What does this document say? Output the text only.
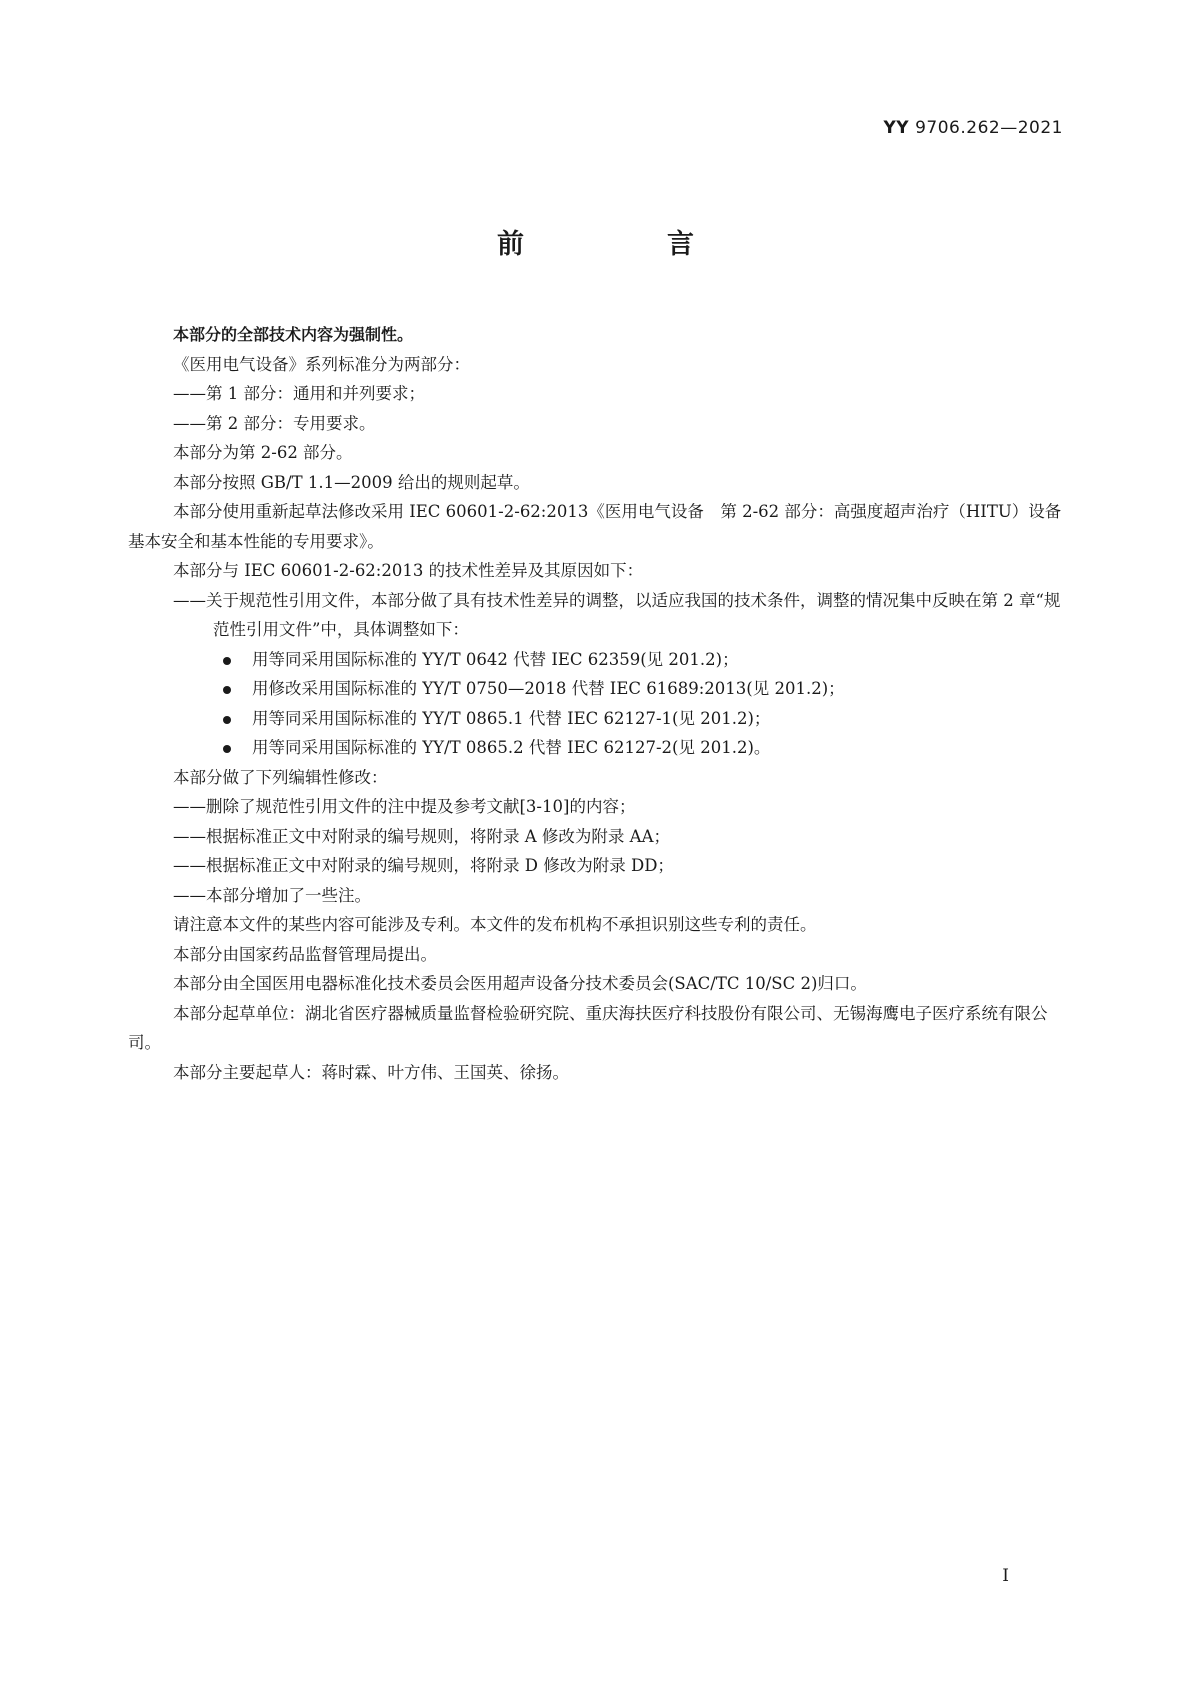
YY 9706.262—2021
前　言

本部分的全部技术内容为强制性。

《医用电气设备》系列标准分为两部分：

——第 1 部分：通用和并列要求；

——第 2 部分：专用要求。

本部分为第 2-62 部分。

本部分按照 GB/T 1.1—2009 给出的规则起草。

本部分使用重新起草法修改采用 IEC 60601-2-62:2013《医用电气设备　第 2-62 部分：高强度超声治疗（HITU）设备基本安全和基本性能的专用要求》。

本部分与 IEC 60601-2-62:2013 的技术性差异及其原因如下：

——关于规范性引用文件，本部分做了具有技术性差异的调整，以适应我国的技术条件，调整的情况集中反映在第 2 章“规范性引用文件”中，具体调整如下：

用等同采用国际标准的 YY/T 0642 代替 IEC 62359(见 201.2)；

用修改采用国际标准的 YY/T 0750—2018 代替 IEC 61689:2013(见 201.2)；

用等同采用国际标准的 YY/T 0865.1 代替 IEC 62127-1(见 201.2)；

用等同采用国际标准的 YY/T 0865.2 代替 IEC 62127-2(见 201.2)。

本部分做了下列编辑性修改：

——删除了规范性引用文件的注中提及参考文献[3-10]的内容；

——根据标准正文中对附录的编号规则，将附录 A 修改为附录 AA；

——根据标准正文中对附录的编号规则，将附录 D 修改为附录 DD；

——本部分增加了一些注。

请注意本文件的某些内容可能涉及专利。本文件的发布机构不承担识别这些专利的责任。

本部分由国家药品监督管理局提出。

本部分由全国医用电器标准化技术委员会医用超声设备分技术委员会(SAC/TC 10/SC 2)归口。

本部分起草单位：湖北省医疗器械质量监督检验研究院、重庆海扶医疗科技股份有限公司、无锡海鹰电子医疗系统有限公司。

本部分主要起草人：蒋时霖、叶方伟、王国英、徐扬。

I
